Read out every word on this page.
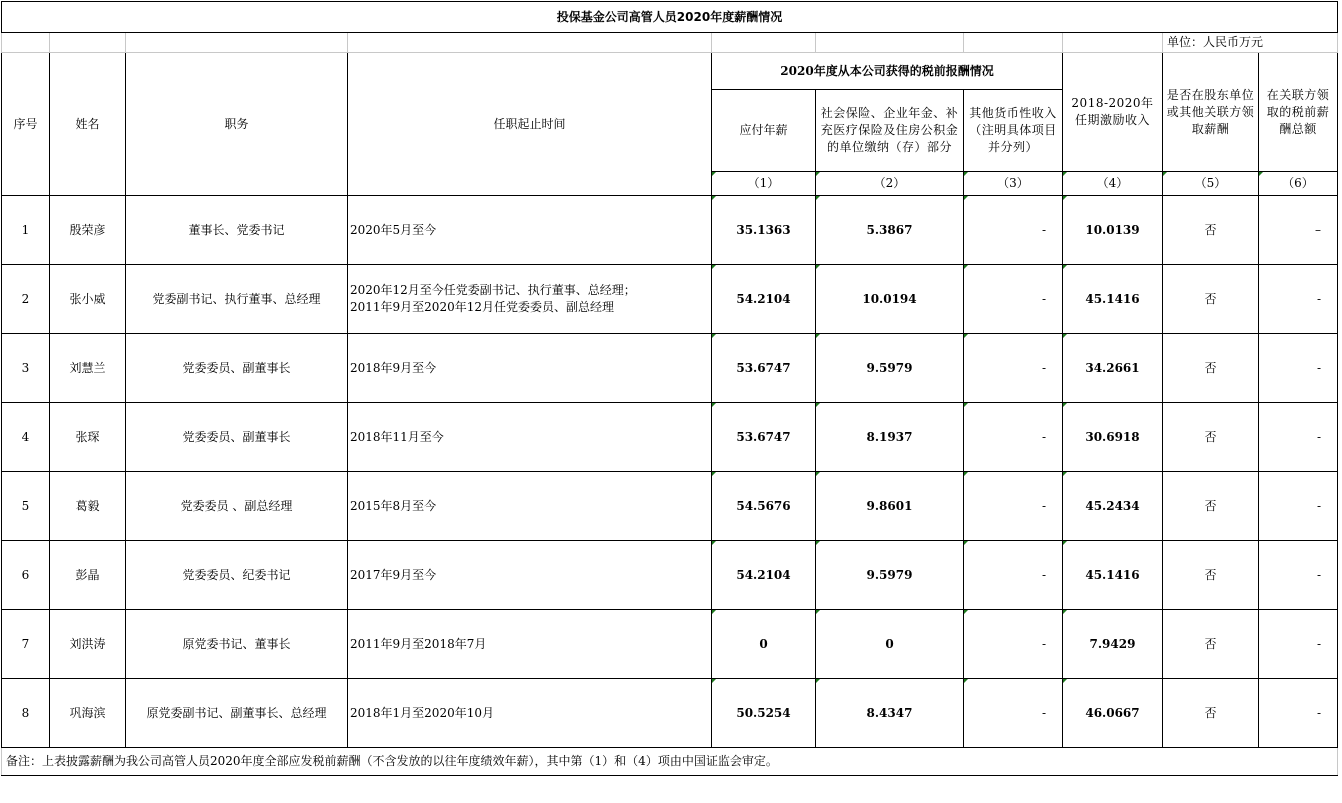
投保基金公司高管人员2020年度薪酬情况									
								单位：人民币万元	
序号	姓名	职务	任职起止时间	2020年度从本公司获得的税前报酬情况			2018-2020年任期激励收入	是否在股东单位或其他关联方领取薪酬	在关联方领取的税前薪酬总额
				应付年薪	社会保险、企业年金、补充医疗保险及住房公积金的单位缴纳（存）部分	其他货币性收入（注明具体项目并分列）			
				（1）	（2）	（3）	（4）	（5）	（6）
1	殷荣彦	董事长、党委书记	2020年5月至今	35.1363	5.3867	-	10.0139	否	–
2	张小威	党委副书记、执行董事、总经理	2020年12月至今任党委副书记、执行董事、总经理；
2011年9月至2020年12月任党委委员、副总经理	54.2104	10.0194	-	45.1416	否	-
3	刘慧兰	党委委员、副董事长	2018年9月至今	53.6747	9.5979	-	34.2661	否	-
4	张琛	党委委员、副董事长	2018年11月至今	53.6747	8.1937	-	30.6918	否	-
5	葛毅	党委委员 、副总经理	2015年8月至今	54.5676	9.8601	-	45.2434	否	-
6	彭晶	党委委员、纪委书记	2017年9月至今	54.2104	9.5979	-	45.1416	否	-
7	刘洪涛	原党委书记、董事长	2011年9月至2018年7月	0	0	-	7.9429	否	-
8	巩海滨	原党委副书记、副董事长、总经理	2018年1月至2020年10月	50.5254	8.4347	-	46.0667	否	-
备注：上表披露薪酬为我公司高管人员2020年度全部应发税前薪酬（不含发放的以往年度绩效年薪），其中第（1）和（4）项由中国证监会审定。									
